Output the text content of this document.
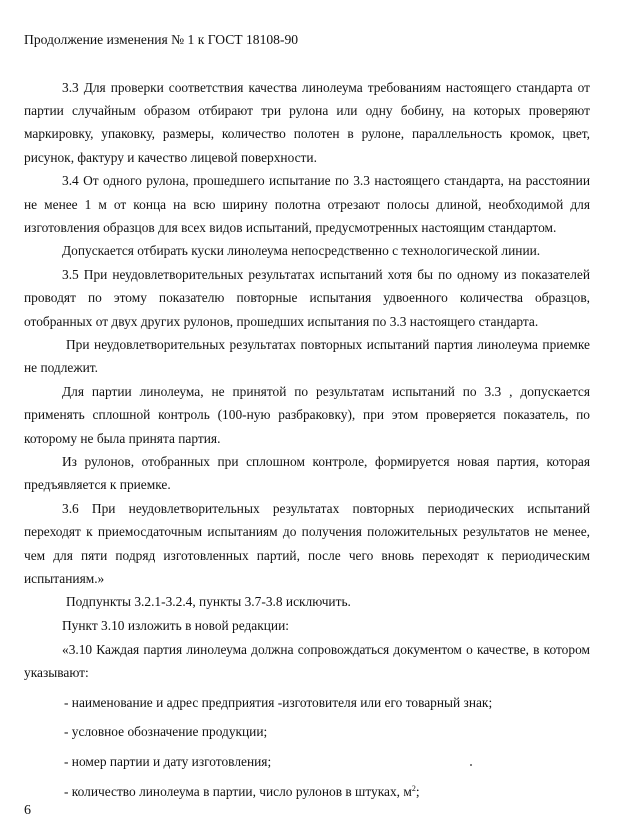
Продолжение изменения № 1 к ГОСТ 18108-90

3.3 Для проверки соответствия качества линолеума требованиям настоящего стандарта от партии случайным образом отбирают три рулона или одну бобину, на которых проверяют маркировку, упаковку, размеры, количество полотен в рулоне, параллельность кромок, цвет, рисунок, фактуру и качество лицевой поверхности.

3.4 От одного рулона, прошедшего испытание по 3.3 настоящего стандарта, на расстоянии не менее 1 м от конца на всю ширину полотна отрезают полосы длиной, необходимой для изготовления образцов для всех видов испытаний, предусмотренных настоящим стандартом.

Допускается отбирать куски линолеума непосредственно с технологической линии.

3.5 При неудовлетворительных результатах испытаний хотя бы по одному из показателей проводят по этому показателю повторные испытания удвоенного количества образцов, отобранных от двух других рулонов, прошедших испытания по 3.3 настоящего стандарта.

При неудовлетворительных результатах повторных испытаний партия линолеума приемке не подлежит.

Для партии линолеума, не принятой по результатам испытаний по 3.3 , допускается применять сплошной контроль (100-ную разбраковку), при этом проверяется показатель, по которому не была принята партия.

Из рулонов, отобранных при сплошном контроле, формируется новая партия, которая предъявляется к приемке.

3.6 При неудовлетворительных результатах повторных периодических испытаний переходят к приемосдаточным испытаниям до получения положительных результатов не менее, чем для пяти подряд изготовленных партий, после чего вновь переходят к периодическим испытаниям.»

Подпункты 3.2.1-3.2.4, пункты 3.7-3.8 исключить.

Пункт 3.10 изложить в новой редакции:

«3.10 Каждая партия линолеума должна сопровождаться документом о качестве, в котором указывают:

- наименование и адрес предприятия -изготовителя или его товарный знак;

- условное обозначение продукции;

- номер партии и дату изготовления;

- количество линолеума в партии, число рулонов в штуках, $м^2$;

6
